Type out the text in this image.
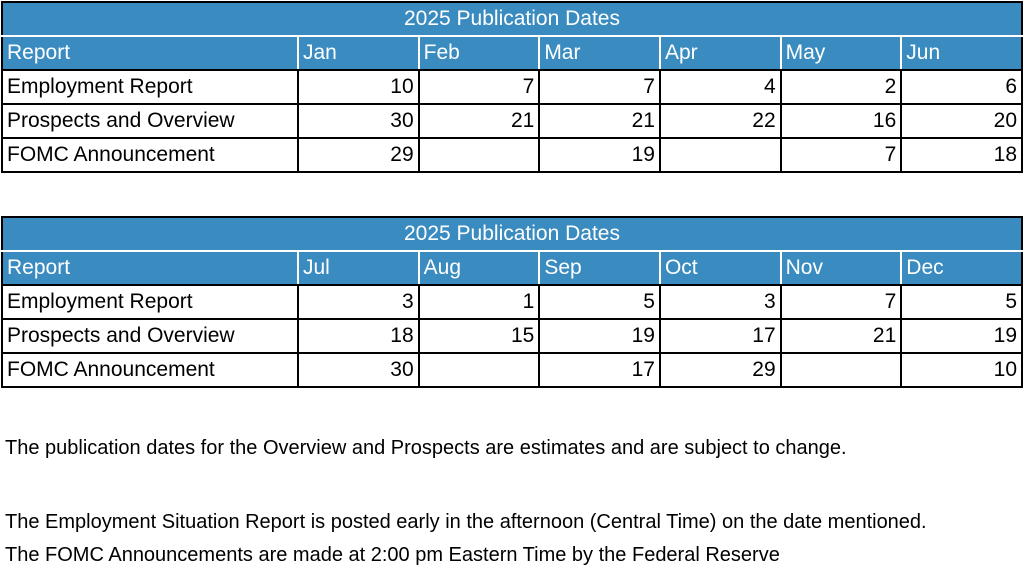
2025 Publication Dates						
Report	Jan	Feb	Mar	Apr	May	Jun
Employment Report	10	7	7	4	2	6
Prospects and Overview	30	21	21	22	16	20
FOMC Announcement	29		19		7	18
2025 Publication Dates						
Report	Jul	Aug	Sep	Oct	Nov	Dec
Employment Report	3	1	5	3	7	5
Prospects and Overview	18	15	19	17	21	19
FOMC Announcement	30		17	29		10
The publication dates for the Overview and Prospects are estimates and are subject to change.
The Employment Situation Report is posted early in the afternoon (Central Time) on the date mentioned.
The FOMC Announcements are made at 2:00 pm Eastern Time by the Federal Reserve
